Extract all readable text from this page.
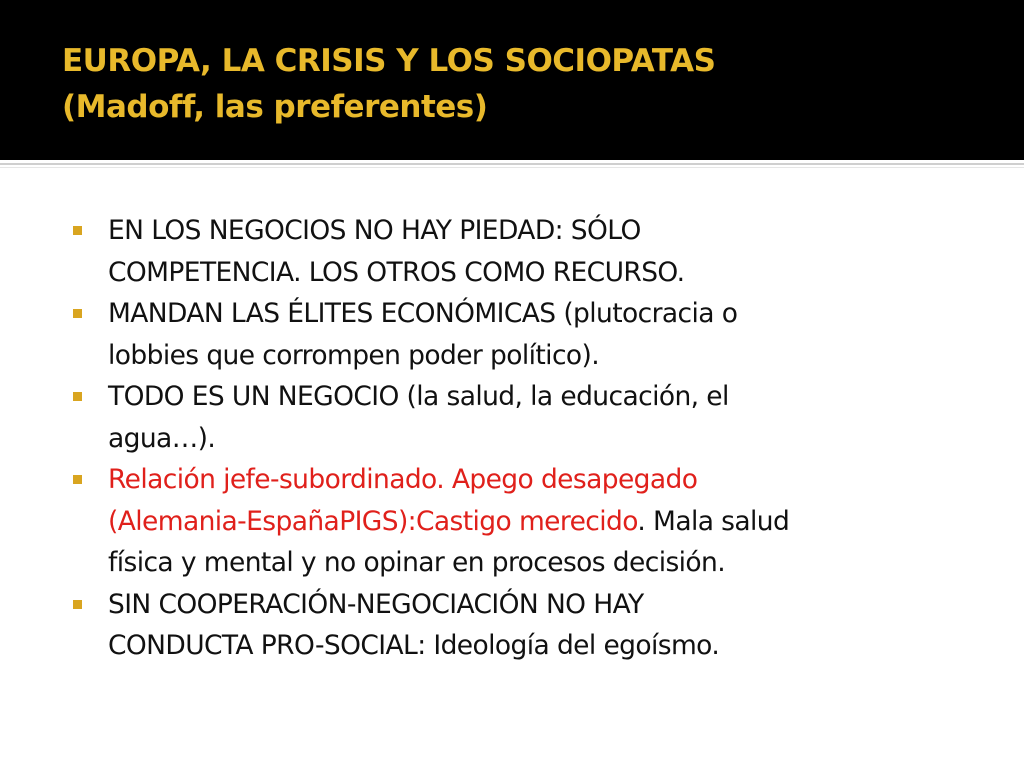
EUROPA, LA CRISIS Y LOS SOCIOPATAS
(Madoff, las preferentes)
EN LOS NEGOCIOS NO HAY PIEDAD: SÓLO
COMPETENCIA. LOS OTROS COMO RECURSO.
MANDAN LAS ÉLITES ECONÓMICAS (plutocracia o
lobbies que corrompen poder político).
TODO ES UN NEGOCIO (la salud, la educación, el
agua…).
Relación jefe-subordinado. Apego desapegado
(Alemania-EspañaPIGS):Castigo merecido. Mala salud
física y mental y no opinar en procesos decisión.
SIN COOPERACIÓN-NEGOCIACIÓN NO HAY
CONDUCTA PRO-SOCIAL: Ideología del egoísmo.
